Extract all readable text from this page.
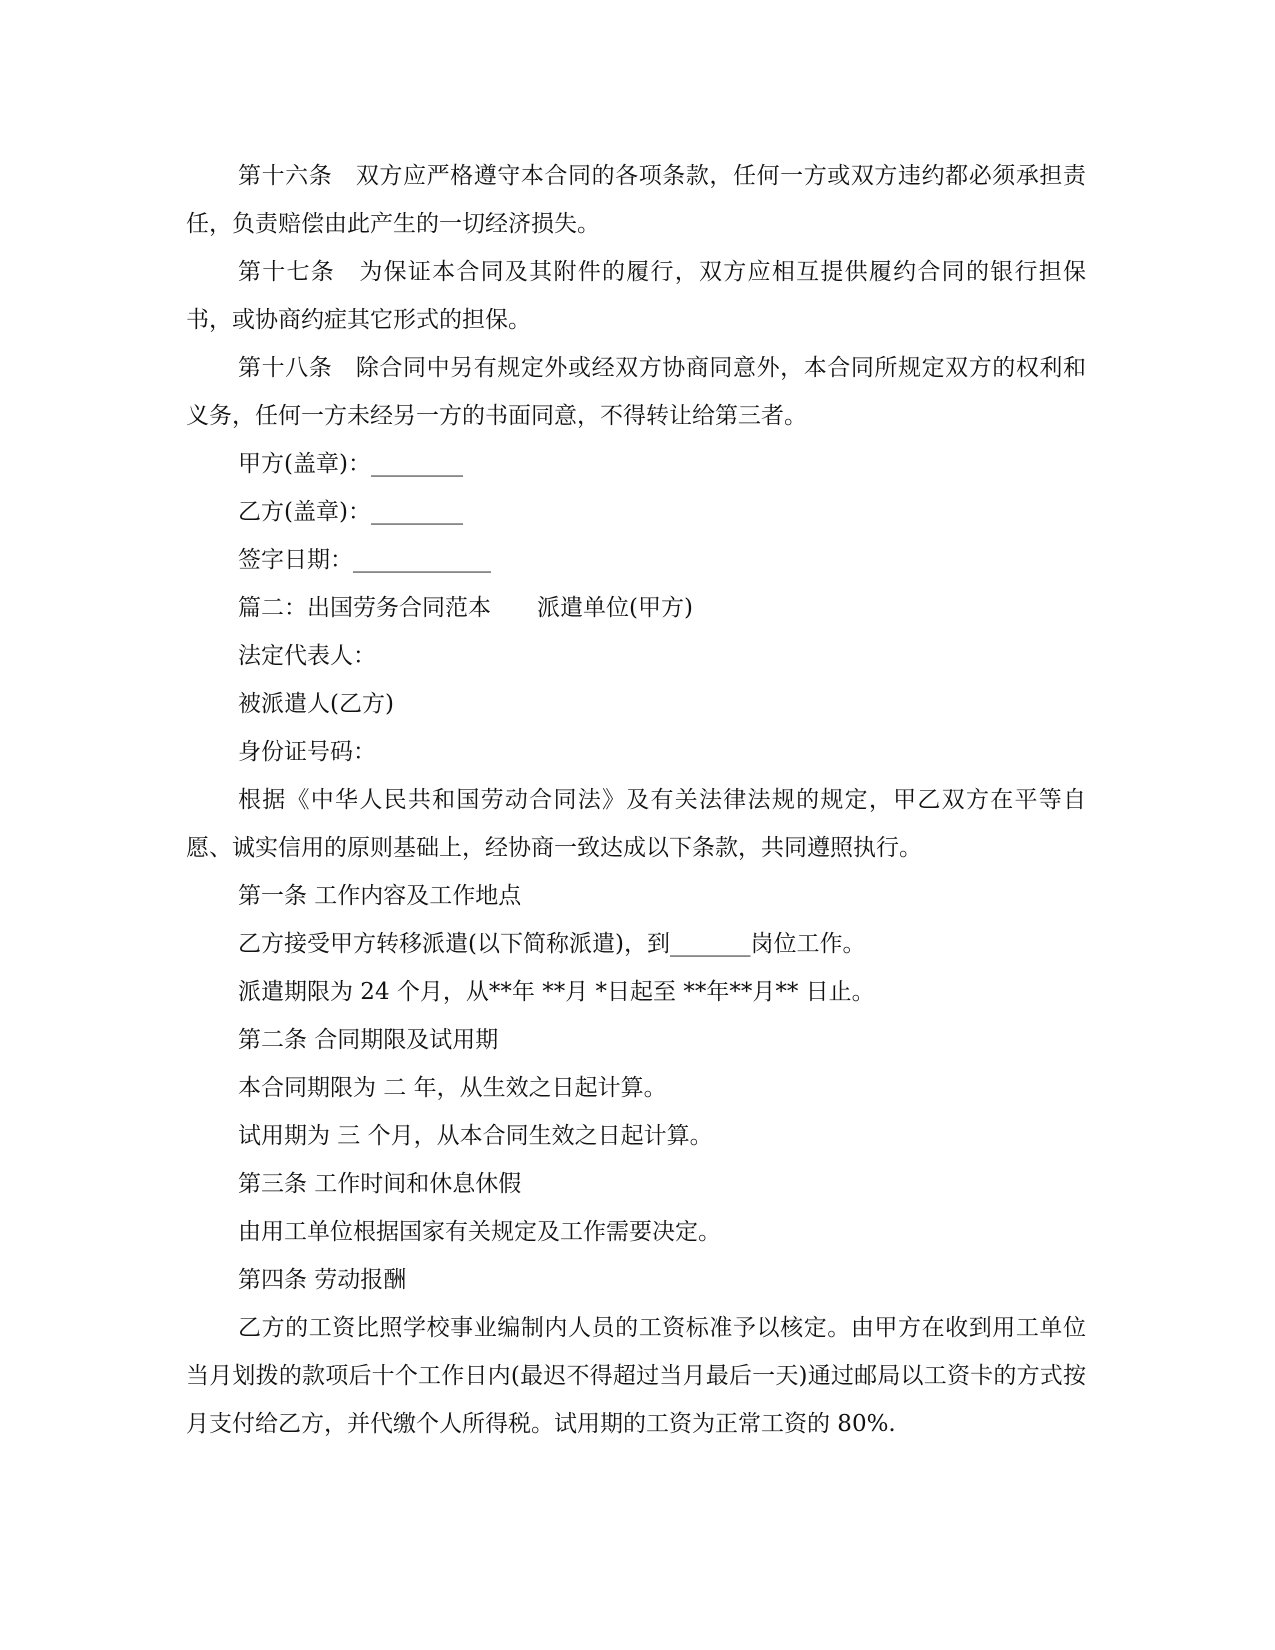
第十六条　双方应严格遵守本合同的各项条款，任何一方或双方违约都必须承担责任，负责赔偿由此产生的一切经济损失。

第十七条　为保证本合同及其附件的履行，双方应相互提供履约合同的银行担保书，或协商约症其它形式的担保。

第十八条　除合同中另有规定外或经双方协商同意外，本合同所规定双方的权利和义务，任何一方未经另一方的书面同意，不得转让给第三者。

甲方(盖章)：________

乙方(盖章)：________

签字日期：____________

篇二：出国劳务合同范本　　派遣单位(甲方)

法定代表人：

被派遣人(乙方)

身份证号码：

根据《中华人民共和国劳动合同法》及有关法律法规的规定，甲乙双方在平等自愿、诚实信用的原则基础上，经协商一致达成以下条款，共同遵照执行。

第一条 工作内容及工作地点

乙方接受甲方转移派遣(以下简称派遣)，到_______岗位工作。

派遣期限为 24 个月，从**年 **月 *日起至 **年**月** 日止。

第二条 合同期限及试用期

本合同期限为 二 年，从生效之日起计算。

试用期为 三 个月，从本合同生效之日起计算。

第三条 工作时间和休息休假

由用工单位根据国家有关规定及工作需要决定。

第四条 劳动报酬

乙方的工资比照学校事业编制内人员的工资标准予以核定。由甲方在收到用工单位当月划拨的款项后十个工作日内(最迟不得超过当月最后一天)通过邮局以工资卡的方式按月支付给乙方，并代缴个人所得税。试用期的工资为正常工资的 80%.
